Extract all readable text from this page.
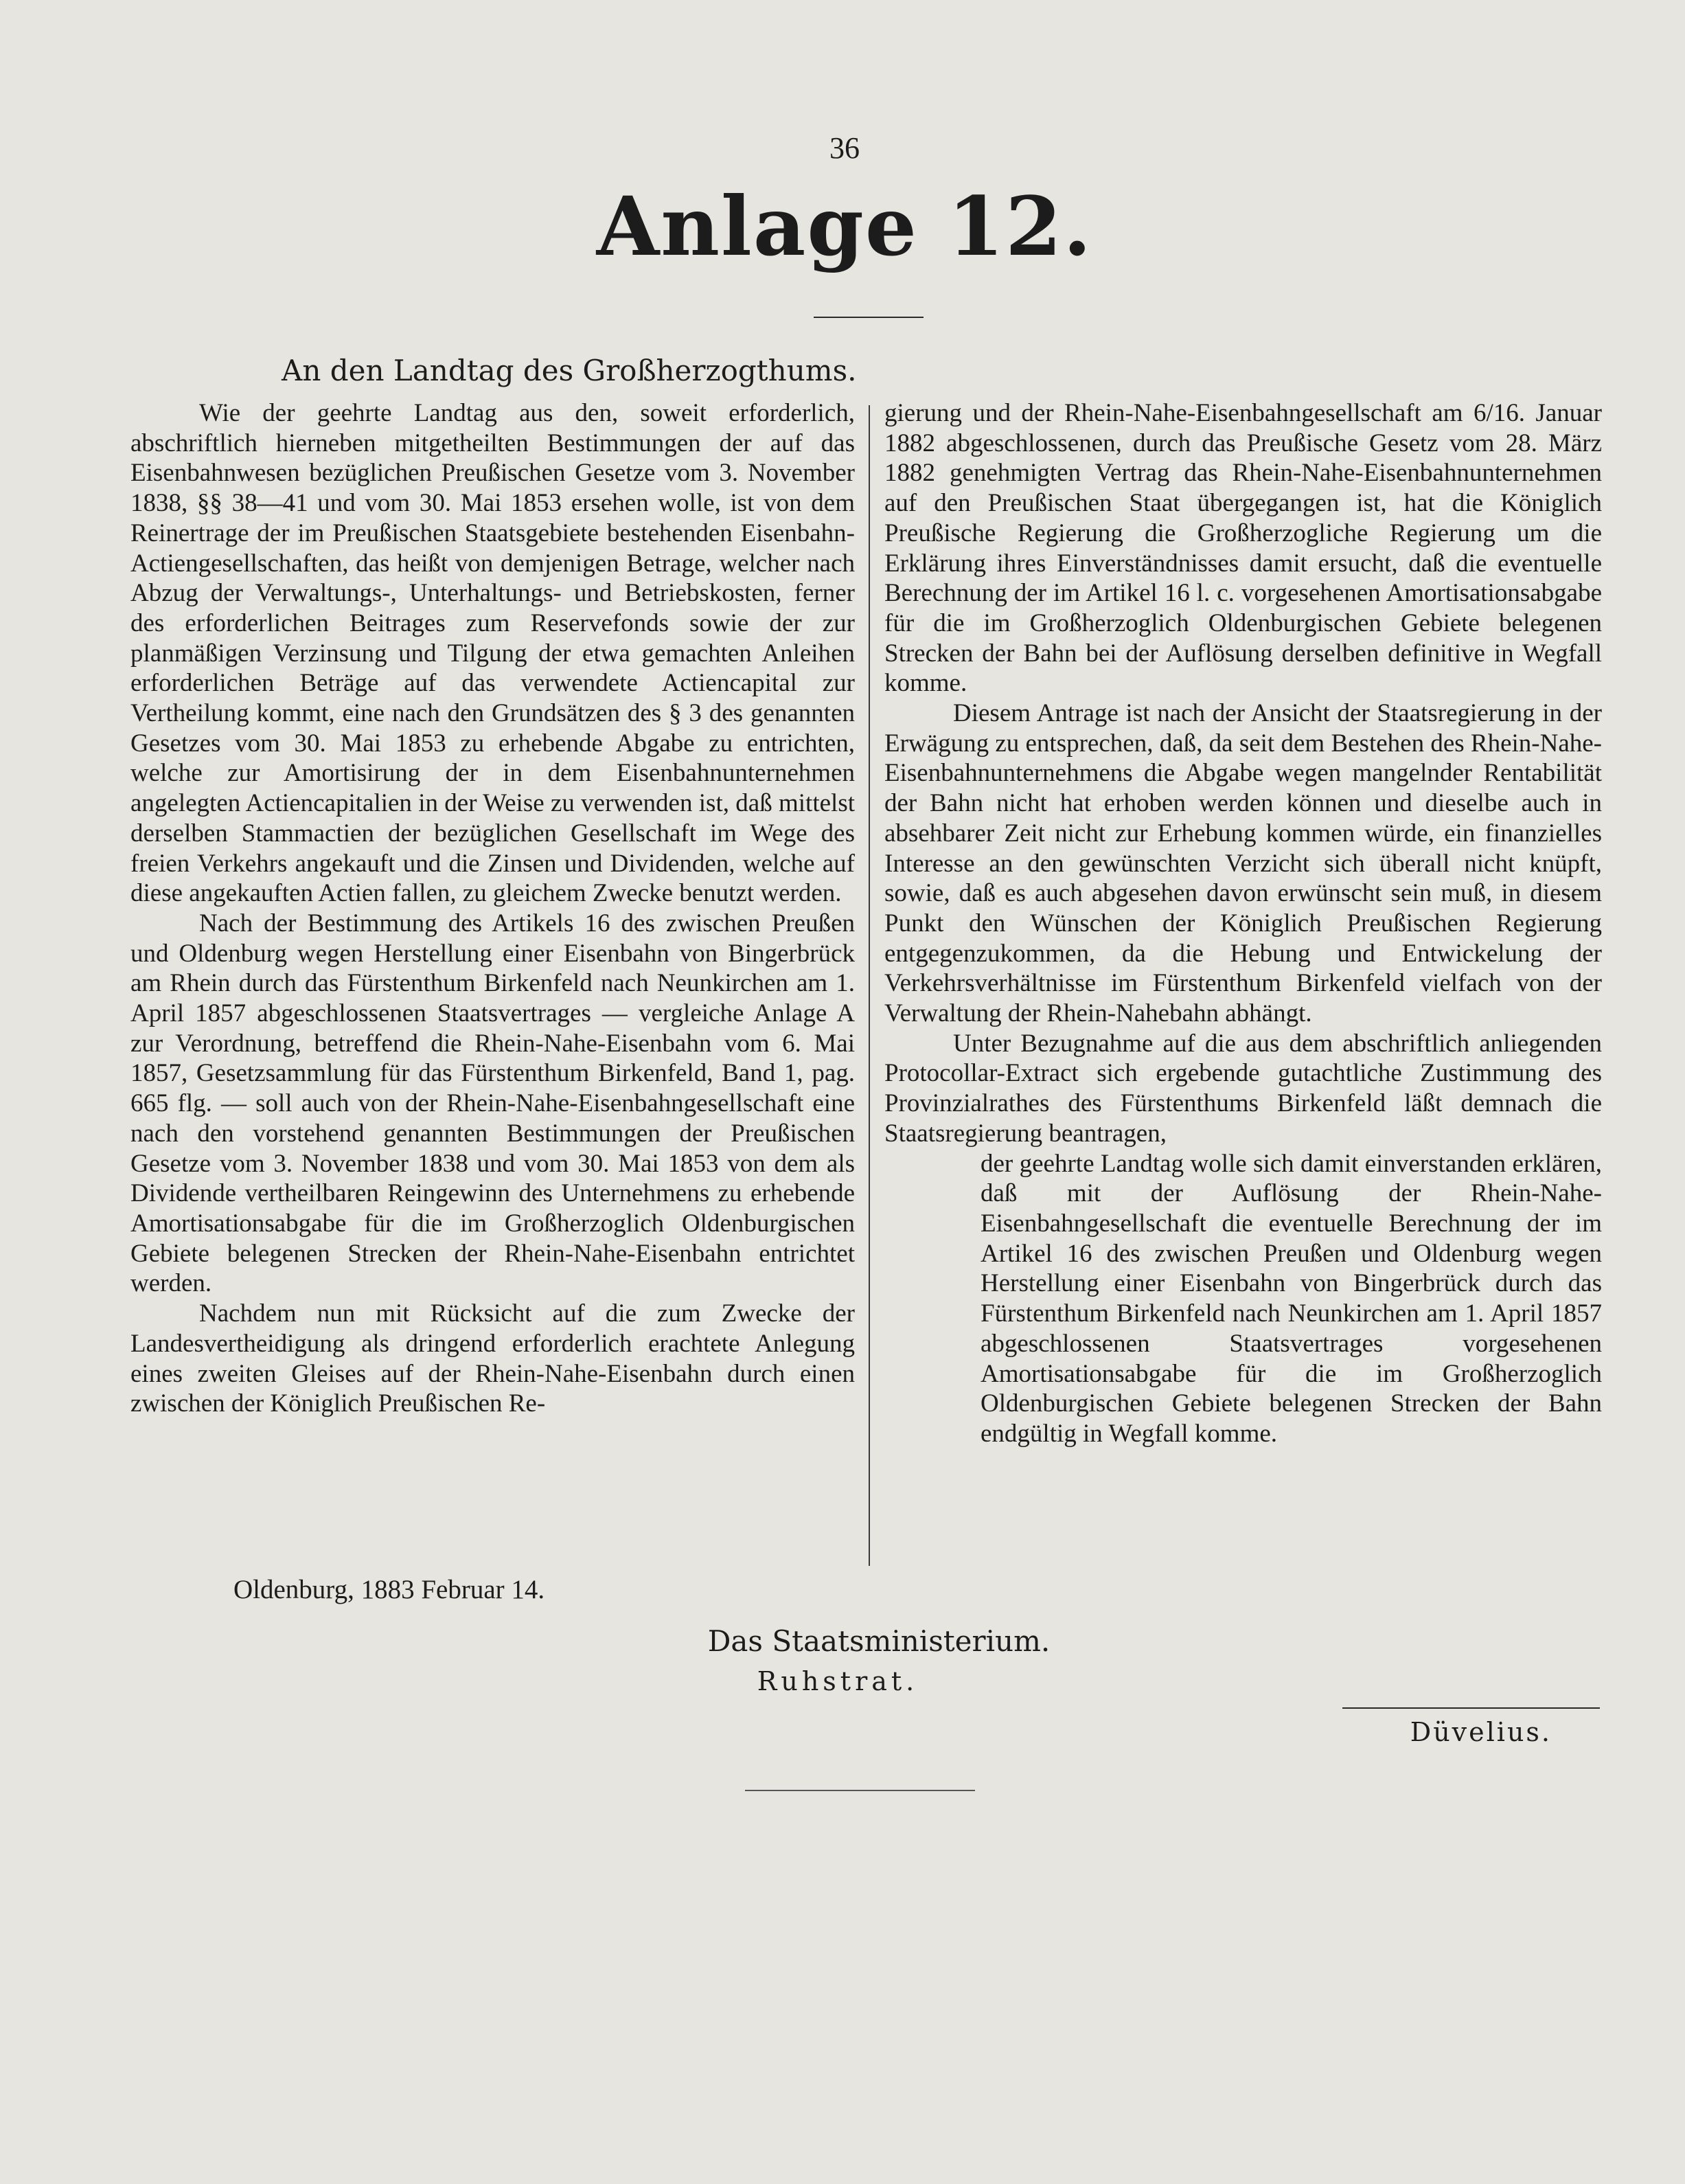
36
Anlage 12.
An den Landtag des Großherzogthums.

Wie der geehrte Landtag aus den, soweit erforderlich, abschriftlich hierneben mitgetheilten Bestimmungen der auf das Eisenbahnwesen bezüglichen Preußischen Gesetze vom 3. November 1838, §§ 38—41 und vom 30. Mai 1853 ersehen wolle, ist von dem Reinertrage der im Preußischen Staatsgebiete bestehenden Eisenbahn-Actiengesellschaften, das heißt von demjenigen Betrage, welcher nach Abzug der Verwaltungs-, Unterhaltungs- und Betriebskosten, ferner des erforderlichen Beitrages zum Reservefonds sowie der zur planmäßigen Verzinsung und Tilgung der etwa gemachten Anleihen erforderlichen Beträge auf das verwendete Actiencapital zur Vertheilung kommt, eine nach den Grundsätzen des § 3 des genannten Gesetzes vom 30. Mai 1853 zu erhebende Abgabe zu entrichten, welche zur Amortisirung der in dem Eisenbahnunternehmen angelegten Actiencapitalien in der Weise zu verwenden ist, daß mittelst derselben Stammactien der bezüglichen Gesellschaft im Wege des freien Verkehrs angekauft und die Zinsen und Dividenden, welche auf diese angekauften Actien fallen, zu gleichem Zwecke benutzt werden.

Nach der Bestimmung des Artikels 16 des zwischen Preußen und Oldenburg wegen Herstellung einer Eisenbahn von Bingerbrück am Rhein durch das Fürstenthum Birkenfeld nach Neunkirchen am 1. April 1857 abgeschlossenen Staatsvertrages — vergleiche Anlage A zur Verordnung, betreffend die Rhein-Nahe-Eisenbahn vom 6. Mai 1857, Gesetzsammlung für das Fürstenthum Birkenfeld, Band 1, pag. 665 flg. — soll auch von der Rhein-Nahe-Eisenbahngesellschaft eine nach den vorstehend genannten Bestimmungen der Preußischen Gesetze vom 3. November 1838 und vom 30. Mai 1853 von dem als Dividende vertheilbaren Reingewinn des Unternehmens zu erhebende Amortisationsabgabe für die im Großherzoglich Oldenburgischen Gebiete belegenen Strecken der Rhein-Nahe-Eisenbahn entrichtet werden.

Nachdem nun mit Rücksicht auf die zum Zwecke der Landesvertheidigung als dringend erforderlich erachtete Anlegung eines zweiten Gleises auf der Rhein-Nahe-Eisenbahn durch einen zwischen der Königlich Preußischen Re-

gierung und der Rhein-Nahe-Eisenbahngesellschaft am 6/16. Januar 1882 abgeschlossenen, durch das Preußische Gesetz vom 28. März 1882 genehmigten Vertrag das Rhein-Nahe-Eisenbahnunternehmen auf den Preußischen Staat übergegangen ist, hat die Königlich Preußische Regierung die Großherzogliche Regierung um die Erklärung ihres Einverständnisses damit ersucht, daß die eventuelle Berechnung der im Artikel 16 l. c. vorgesehenen Amortisationsabgabe für die im Großherzoglich Oldenburgischen Gebiete belegenen Strecken der Bahn bei der Auflösung derselben definitive in Wegfall komme.

Diesem Antrage ist nach der Ansicht der Staatsregierung in der Erwägung zu entsprechen, daß, da seit dem Bestehen des Rhein-Nahe-Eisenbahnunternehmens die Abgabe wegen mangelnder Rentabilität der Bahn nicht hat erhoben werden können und dieselbe auch in absehbarer Zeit nicht zur Erhebung kommen würde, ein finanzielles Interesse an den gewünschten Verzicht sich überall nicht knüpft, sowie, daß es auch abgesehen davon erwünscht sein muß, in diesem Punkt den Wünschen der Königlich Preußischen Regierung entgegenzukommen, da die Hebung und Entwickelung der Verkehrsverhältnisse im Fürstenthum Birkenfeld vielfach von der Verwaltung der Rhein-Nahebahn abhängt.

Unter Bezugnahme auf die aus dem abschriftlich anliegenden Protocollar-Extract sich ergebende gutachtliche Zustimmung des Provinzialrathes des Fürstenthums Birkenfeld läßt demnach die Staatsregierung beantragen,

der geehrte Landtag wolle sich damit einverstanden erklären, daß mit der Auflösung der Rhein-Nahe-Eisenbahngesellschaft die eventuelle Berechnung der im Artikel 16 des zwischen Preußen und Oldenburg wegen Herstellung einer Eisenbahn von Bingerbrück durch das Fürstenthum Birkenfeld nach Neunkirchen am 1. April 1857 abgeschlossenen Staatsvertrages vorgesehenen Amortisationsabgabe für die im Großherzoglich Oldenburgischen Gebiete belegenen Strecken der Bahn endgültig in Wegfall komme.

Oldenburg, 1883 Februar 14.
Das Staatsministerium.
Ruhstrat.
Düvelius.
